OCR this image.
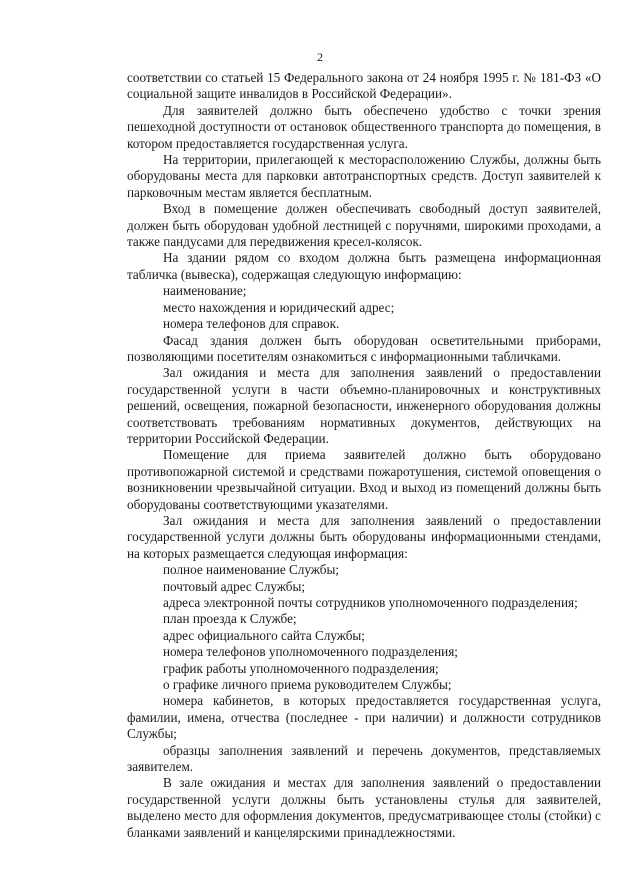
2

соответствии со статьей 15 Федерального закона от 24 ноября 1995 г. № 181-ФЗ «О социальной защите инвалидов в Российской Федерации».

Для заявителей должно быть обеспечено удобство с точки зрения пешеходной доступности от остановок общественного транспорта до помещения, в котором предоставляется государственная услуга.

На территории, прилегающей к месторасположению Службы, должны быть оборудованы места для парковки автотранспортных средств. Доступ заявителей к парковочным местам является бесплатным.

Вход в помещение должен обеспечивать свободный доступ заявителей, должен быть оборудован удобной лестницей с поручнями, широкими проходами, а также пандусами для передвижения кресел-колясок.

На здании рядом со входом должна быть размещена информационная табличка (вывеска), содержащая следующую информацию:

наименование;

место нахождения и юридический адрес;

номера телефонов для справок.

Фасад здания должен быть оборудован осветительными приборами, позволяющими посетителям ознакомиться с информационными табличками.

Зал ожидания и места для заполнения заявлений о предоставлении государственной услуги в части объемно-планировочных и конструктивных решений, освещения, пожарной безопасности, инженерного оборудования должны соответствовать требованиям нормативных документов, действующих на территории Российской Федерации.

Помещение для приема заявителей должно быть оборудовано противопожарной системой и средствами пожаротушения, системой оповещения о возникновении чрезвычайной ситуации. Вход и выход из помещений должны быть оборудованы соответствующими указателями.

Зал ожидания и места для заполнения заявлений о предоставлении государственной услуги должны быть оборудованы информационными стендами, на которых размещается следующая информация:

полное наименование Службы;

почтовый адрес Службы;

адреса электронной почты сотрудников уполномоченного подразделения;

план проезда к Службе;

адрес официального сайта Службы;

номера телефонов уполномоченного подразделения;

график работы уполномоченного подразделения;

о графике личного приема руководителем Службы;

номера кабинетов, в которых предоставляется государственная услуга, фамилии, имена, отчества (последнее - при наличии) и должности сотрудников Службы;

образцы заполнения заявлений и перечень документов, представляемых заявителем.

В зале ожидания и местах для заполнения заявлений о предоставлении государственной услуги должны быть установлены стулья для заявителей, выделено место для оформления документов, предусматривающее столы (стойки) с бланками заявлений и канцелярскими принадлежностями.
